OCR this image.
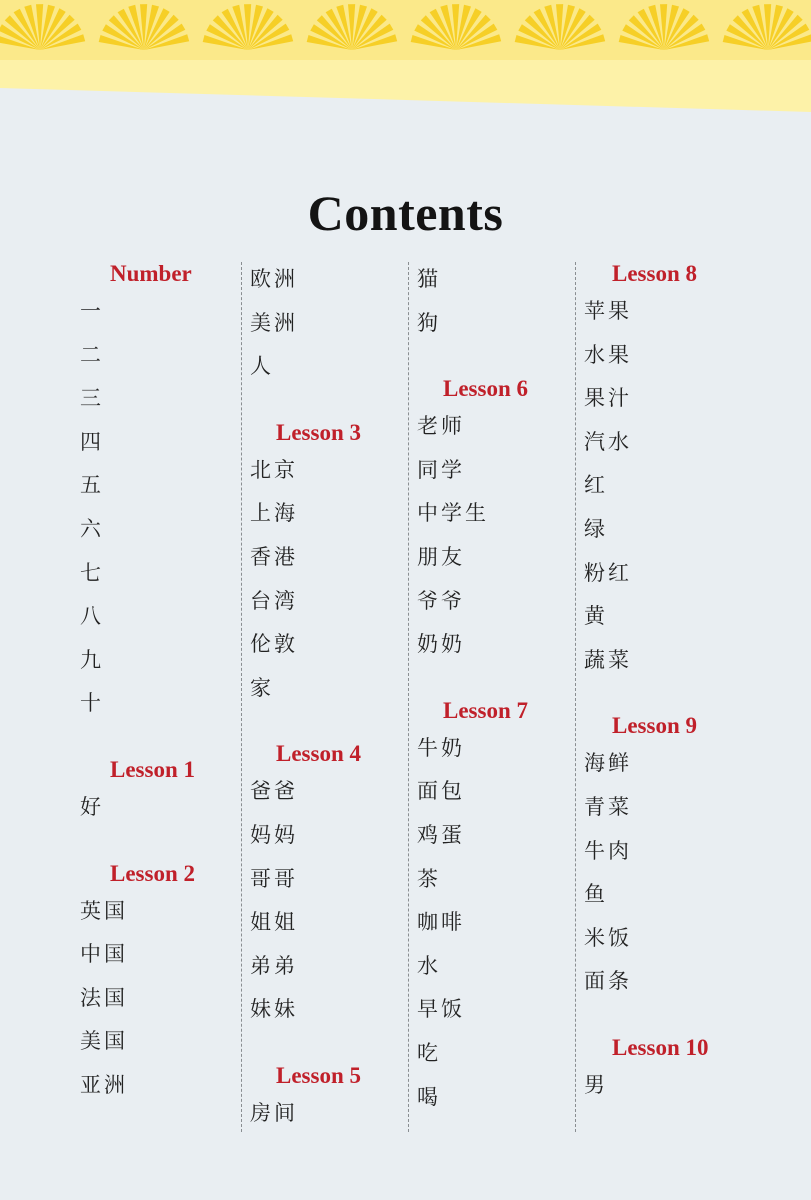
Contents
Number
一
二
三
四
五
六
七
八
九
十
Lesson 1
好
Lesson 2
英国
中国
法国
美国
亚洲
欧洲
美洲
人
Lesson 3
北京
上海
香港
台湾
伦敦
家
Lesson 4
爸爸
妈妈
哥哥
姐姐
弟弟
妹妹
Lesson 5
房间
猫
狗
Lesson 6
老师
同学
中学生
朋友
爷爷
奶奶
Lesson 7
牛奶
面包
鸡蛋
茶
咖啡
水
早饭
吃
喝
Lesson 8
苹果
水果
果汁
汽水
红
绿
粉红
黄
蔬菜
Lesson 9
海鲜
青菜
牛肉
鱼
米饭
面条
Lesson 10
男
